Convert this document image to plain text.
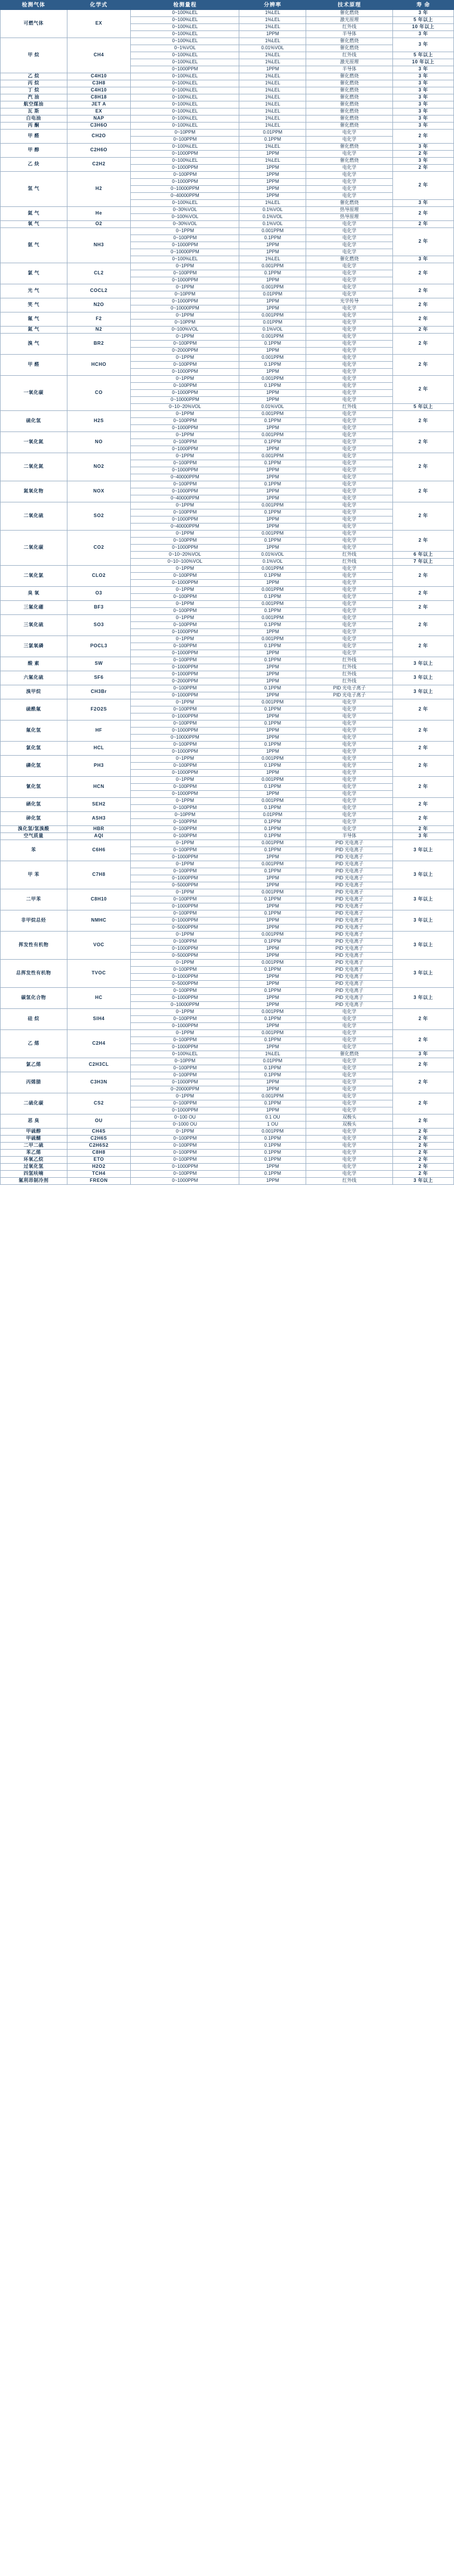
检测气体	化学式	检测量程	分辨率	技术原理	寿 命
可燃气体	EX	0~100%LEL	1%LEL	催化燃烧	3 年
		0~100%LEL	1%LEL	激光原理	5 年以上
		0~100%LEL	1%LEL	红外线	10 年以上
		0~100%LEL	1PPM	半导体	3 年
甲 烷	CH4	0~100%LEL	1%LEL	催化燃烧	3 年
		0~1%VOL	0.01%VOL	催化燃烧	
		0~100%LEL	1%LEL	红外线	5 年以上
		0~100%LEL	1%LEL	激光原理	10 年以上
		0~1000PPM	1PPM	半导体	3 年
乙 烷	C4H10	0~100%LEL	1%LEL	催化燃烧	3 年
丙 烷	C3H8	0~100%LEL	1%LEL	催化燃烧	3 年
丁 烷	C4H10	0~100%LEL	1%LEL	催化燃烧	3 年
汽 油	C8H18	0~100%LEL	1%LEL	催化燃烧	3 年
航空煤油	JET A	0~100%LEL	1%LEL	催化燃烧	3 年
瓦 斯	EX	0~100%LEL	1%LEL	催化燃烧	3 年
白电油	NAP	0~100%LEL	1%LEL	催化燃烧	3 年
丙 酮	C3H6O	0~100%LEL	1%LEL	催化燃烧	3 年
甲 醛	CH2O	0~10PPM	0.01PPM	电化学	2 年
		0~100PPM	0.1PPM	电化学	
甲 醇	C2H6O	0~100%LEL	1%LEL	催化燃烧	3 年
		0~1000PPM	1PPM	电化学	2 年
乙 炔	C2H2	0~100%LEL	1%LEL	催化燃烧	3 年
		0~1000PPM	1PPM	电化学	2 年
氢 气	H2	0~100PPM	1PPM	电化学	2 年
		0~1000PPM	1PPM	电化学	
		0~10000PPM	1PPM	电化学	
		0~40000PPM	1PPM	电化学	
		0~100%LEL	1%LEL	催化燃烧	3 年
氦 气	He	0~30%VOL	0.1%VOL	热导原理	2 年
		0~100%VOL	0.1%VOL	热导原理	
氧 气	O2	0~30%VOL	0.1%VOL	电化学	2 年
氨 气	NH3	0~1PPM	0.001PPM	电化学	2 年
		0~100PPM	0.1PPM	电化学	
		0~1000PPM	1PPM	电化学	
		0~10000PPM	1PPM	电化学	
		0~100%LEL	1%LEL	催化燃烧	3 年
氯 气	CL2	0~1PPM	0.001PPM	电化学	2 年
		0~100PPM	0.1PPM	电化学	
		0~1000PPM	1PPM	电化学	
光 气	COCL2	0~1PPM	0.001PPM	电化学	2 年
		0~10PPM	0.01PPM	电化学	
笑 气	N2O	0~1000PPM	1PPM	光学传导	2 年
		0~10000PPM	1PPM	电化学	
氟 气	F2	0~1PPM	0.001PPM	电化学	2 年
		0~10PPM	0.01PPM	电化学	
氮 气	N2	0~100%VOL	0.1%VOL	电化学	2 年
溴 气	BR2	0~1PPM	0.001PPM	电化学	2 年
		0~100PPM	0.1PPM	电化学	
		0~2000PPM	1PPM	电化学	
甲 醛	HCHO	0~1PPM	0.001PPM	电化学	2 年
		0~100PPM	0.1PPM	电化学	
		0~1000PPM	1PPM	电化学	
一氧化碳	CO	0~1PPM	0.001PPM	电化学	2 年
		0~100PPM	0.1PPM	电化学	
		0~1000PPM	1PPM	电化学	
		0~10000PPM	1PPM	电化学	
		0~10~20%VOL	0.01%VOL	红外线	5 年以上
硫化氢	H2S	0~1PPM	0.001PPM	电化学	2 年
		0~100PPM	0.1PPM	电化学	
		0~1000PPM	1PPM	电化学	
一氧化氮	NO	0~1PPM	0.001PPM	电化学	2 年
		0~100PPM	0.1PPM	电化学	
		0~1000PPM	1PPM	电化学	
二氧化氮	NO2	0~1PPM	0.001PPM	电化学	2 年
		0~100PPM	0.1PPM	电化学	
		0~1000PPM	1PPM	电化学	
		0~40000PPM	1PPM	电化学	
氮氧化物	NOX	0~100PPM	0.1PPM	电化学	2 年
		0~1000PPM	1PPM	电化学	
		0~40000PPM	1PPM	电化学	
二氧化硫	SO2	0~1PPM	0.001PPM	电化学	2 年
		0~100PPM	0.1PPM	电化学	
		0~1000PPM	1PPM	电化学	
		0~40000PPM	1PPM	电化学	
二氧化碳	CO2	0~1PPM	0.001PPM	电化学	2 年
		0~100PPM	0.1PPM	电化学	
		0~1000PPM	1PPM	电化学	
		0~10~20%VOL	0.01%VOL	红外线	6 年以上
		0~10~100%VOL	0.1%VOL	红外线	7 年以上
二氧化氯	CLO2	0~1PPM	0.001PPM	电化学	2 年
		0~100PPM	0.1PPM	电化学	
		0~1000PPM	1PPM	电化学	
臭 氧	O3	0~1PPM	0.001PPM	电化学	2 年
		0~100PPM	0.1PPM	电化学	
三氟化硼	BF3	0~1PPM	0.001PPM	电化学	2 年
		0~100PPM	0.1PPM	电化学	
三氧化硫	SO3	0~1PPM	0.001PPM	电化学	2 年
		0~100PPM	0.1PPM	电化学	
		0~1000PPM	1PPM	电化学	
三氯氧磷	POCL3	0~1PPM	0.001PPM	电化学	2 年
		0~100PPM	0.1PPM	电化学	
		0~1000PPM	1PPM	电化学	
酸 素	SW	0~100PPM	0.1PPM	红外线	3 年以上
		0~1000PPM	1PPM	红外线	
六氟化硫	SF6	0~1000PPM	1PPM	红外线	3 年以上
		0~2000PPM	1PPM	红外线	
溴甲烷	CH3Br	0~100PPM	0.1PPM	PID 光电子离子	3 年以上
		0~1000PPM	1PPM	PID 光电子离子	
硫酰氟	F2O2S	0~1PPM	0.001PPM	电化学	2 年
		0~100PPM	0.1PPM	电化学	
		0~1000PPM	1PPM	电化学	
氟化氢	HF	0~100PPM	0.1PPM	电化学	2 年
		0~1000PPM	1PPM	电化学	
		0~10000PPM	1PPM	电化学	
氯化氢	HCL	0~100PPM	0.1PPM	电化学	2 年
		0~1000PPM	1PPM	电化学	
磷化氢	PH3	0~1PPM	0.001PPM	电化学	2 年
		0~100PPM	0.1PPM	电化学	
		0~1000PPM	1PPM	电化学	
氰化氢	HCN	0~1PPM	0.001PPM	电化学	2 年
		0~100PPM	0.1PPM	电化学	
		0~1000PPM	1PPM	电化学	
硒化氢	SEH2	0~1PPM	0.001PPM	电化学	2 年
		0~100PPM	0.1PPM	电化学	
砷化氢	ASH3	0~10PPM	0.01PPM	电化学	2 年
		0~100PPM	0.1PPM	电化学	
溴化氢/氢溴酸	HBR	0~100PPM	0.1PPM	电化学	2 年
空气质量	AQI	0~100PPM	0.1PPM	半导体	3 年
苯	C6H6	0~1PPM	0.001PPM	PID 光电离子	3 年以上
		0~100PPM	0.1PPM	PID 光电离子	
		0~1000PPM	1PPM	PID 光电离子	
甲 苯	C7H8	0~1PPM	0.001PPM	PID 光电离子	3 年以上
		0~100PPM	0.1PPM	PID 光电离子	
		0~1000PPM	1PPM	PID 光电离子	
		0~5000PPM	1PPM	PID 光电离子	
二甲苯	C8H10	0~1PPM	0.001PPM	PID 光电离子	3 年以上
		0~100PPM	0.1PPM	PID 光电离子	
		0~1000PPM	1PPM	PID 光电离子	
非甲烷总烃	NMHC	0~100PPM	0.1PPM	PID 光电离子	3 年以上
		0~1000PPM	1PPM	PID 光电离子	
		0~5000PPM	1PPM	PID 光电离子	
挥发性有机物	VOC	0~1PPM	0.001PPM	PID 光电离子	3 年以上
		0~100PPM	0.1PPM	PID 光电离子	
		0~1000PPM	1PPM	PID 光电离子	
		0~5000PPM	1PPM	PID 光电离子	
总挥发性有机物	TVOC	0~1PPM	0.001PPM	PID 光电离子	3 年以上
		0~100PPM	0.1PPM	PID 光电离子	
		0~1000PPM	1PPM	PID 光电离子	
		0~5000PPM	1PPM	PID 光电离子	
碳氢化合物	HC	0~100PPM	0.1PPM	PID 光电离子	3 年以上
		0~1000PPM	1PPM	PID 光电离子	
		0~10000PPM	1PPM	PID 光电离子	
硅 烷	SIH4	0~1PPM	0.001PPM	电化学	2 年
		0~100PPM	0.1PPM	电化学	
		0~1000PPM	1PPM	电化学	
乙 烯	C2H4	0~1PPM	0.001PPM	电化学	2 年
		0~100PPM	0.1PPM	电化学	
		0~1000PPM	1PPM	电化学	
		0~100%LEL	1%LEL	催化燃烧	3 年
氯乙烯	C2H3CL	0~10PPM	0.01PPM	电化学	2 年
		0~100PPM	0.1PPM	电化学	
丙烯腈	C3H3N	0~100PPM	0.1PPM	电化学	2 年
		0~1000PPM	1PPM	电化学	
		0~20000PPM	1PPM	电化学	
二硫化碳	CS2	0~1PPM	0.001PPM	电化学	2 年
		0~100PPM	0.1PPM	电化学	
		0~1000PPM	1PPM	电化学	
恶 臭	OU	0~100 OU	0.1 OU	双极头	2 年
		0~1000 OU	1 OU	双极头	
甲硫醇	CH4S	0~1PPM	0.001PPM	电化学	2 年
甲硫醚	C2H6S	0~100PPM	0.1PPM	电化学	2 年
二甲二硫	C2H6S2	0~100PPM	0.1PPM	电化学	2 年
苯乙烯	C8H8	0~100PPM	0.1PPM	电化学	2 年
环氧乙烷	ETO	0~100PPM	0.1PPM	电化学	2 年
过氧化氢	H2O2	0~1000PPM	1PPM	电化学	2 年
四氢呋喃	TCH4	0~100PPM	0.1PPM	电化学	2 年
氟利昂制冷剂	FREON	0~1000PPM	1PPM	红外线	3 年以上
